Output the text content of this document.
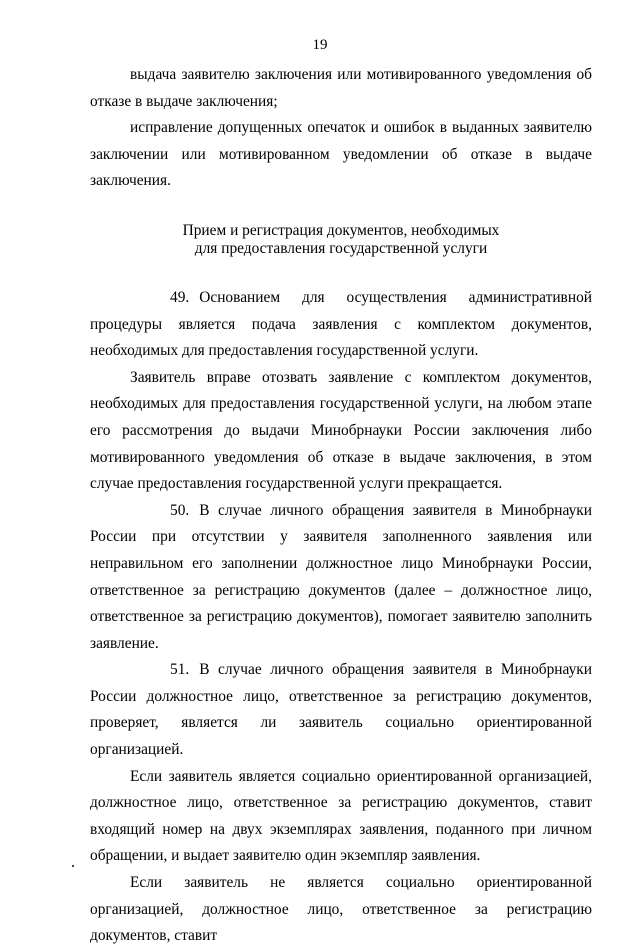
19

выдача заявителю заключения или мотивированного уведомления об отказе в выдаче заключения;

исправление допущенных опечаток и ошибок в выданных заявителю заключении или мотивированном уведомлении об отказе в выдаче заключения.

Прием и регистрация документов, необходимых
для предоставления государственной услуги

49. Основанием для осуществления административной процедуры является подача заявления с комплектом документов, необходимых для предоставления государственной услуги.

Заявитель вправе отозвать заявление с комплектом документов, необходимых для предоставления государственной услуги, на любом этапе его рассмотрения до выдачи Минобрнауки России заключения либо мотивированного уведомления об отказе в выдаче заключения, в этом случае предоставления государственной услуги прекращается.

50. В случае личного обращения заявителя в Минобрнауки России при отсутствии у заявителя заполненного заявления или неправильном его заполнении должностное лицо Минобрнауки России, ответственное за регистрацию документов (далее – должностное лицо, ответственное за регистрацию документов), помогает заявителю заполнить заявление.

51. В случае личного обращения заявителя в Минобрнауки России должностное лицо, ответственное за регистрацию документов, проверяет, является ли заявитель социально ориентированной организацией.

Если заявитель является социально ориентированной организацией, должностное лицо, ответственное за регистрацию документов, ставит входящий номер на двух экземплярах заявления, поданного при личном обращении, и выдает заявителю один экземпляр заявления.

Если заявитель не является социально ориентированной организацией, должностное лицо, ответственное за регистрацию документов, ставит
